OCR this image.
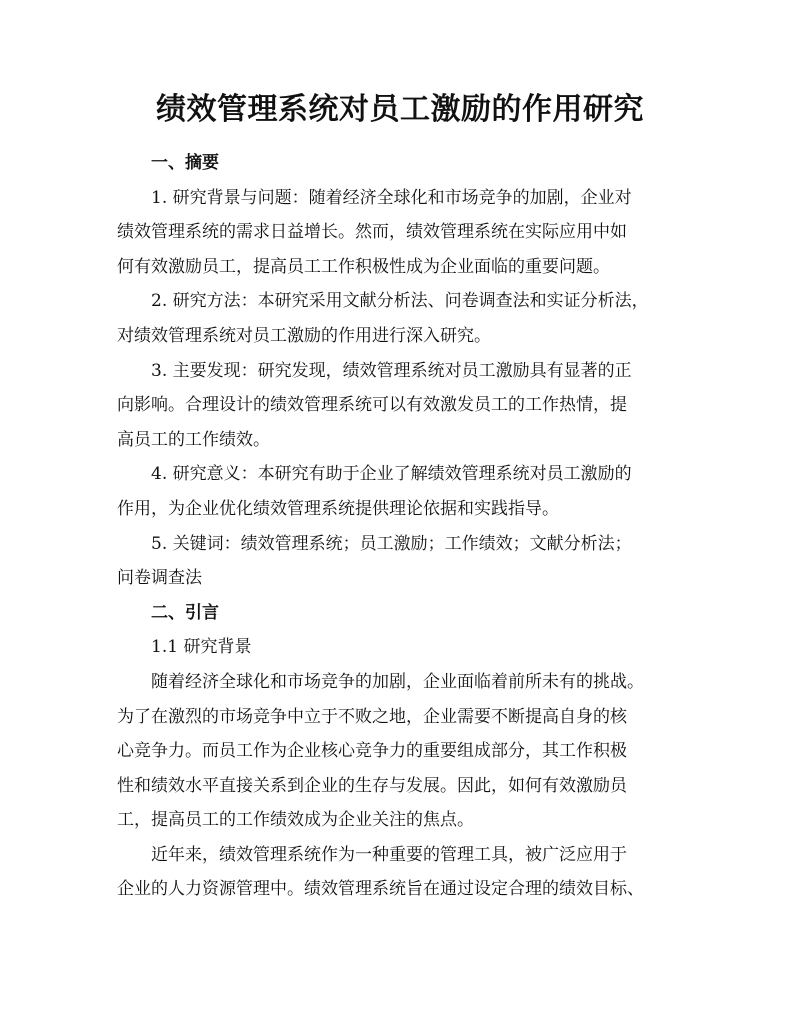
绩效管理系统对员工激励的作用研究

一、摘要

1. 研究背景与问题：随着经济全球化和市场竞争的加剧，企业对
绩效管理系统的需求日益增长。然而，绩效管理系统在实际应用中如
何有效激励员工，提高员工工作积极性成为企业面临的重要问题。

2. 研究方法：本研究采用文献分析法、问卷调查法和实证分析法，
对绩效管理系统对员工激励的作用进行深入研究。

3. 主要发现：研究发现，绩效管理系统对员工激励具有显著的正
向影响。合理设计的绩效管理系统可以有效激发员工的工作热情，提
高员工的工作绩效。

4. 研究意义：本研究有助于企业了解绩效管理系统对员工激励的
作用，为企业优化绩效管理系统提供理论依据和实践指导。

5. 关键词：绩效管理系统；员工激励；工作绩效；文献分析法；
问卷调查法

二、引言

1.1 研究背景

随着经济全球化和市场竞争的加剧，企业面临着前所未有的挑战。
为了在激烈的市场竞争中立于不败之地，企业需要不断提高自身的核
心竞争力。而员工作为企业核心竞争力的重要组成部分，其工作积极
性和绩效水平直接关系到企业的生存与发展。因此，如何有效激励员
工，提高员工的工作绩效成为企业关注的焦点。

近年来，绩效管理系统作为一种重要的管理工具，被广泛应用于
企业的人力资源管理中。绩效管理系统旨在通过设定合理的绩效目标、
